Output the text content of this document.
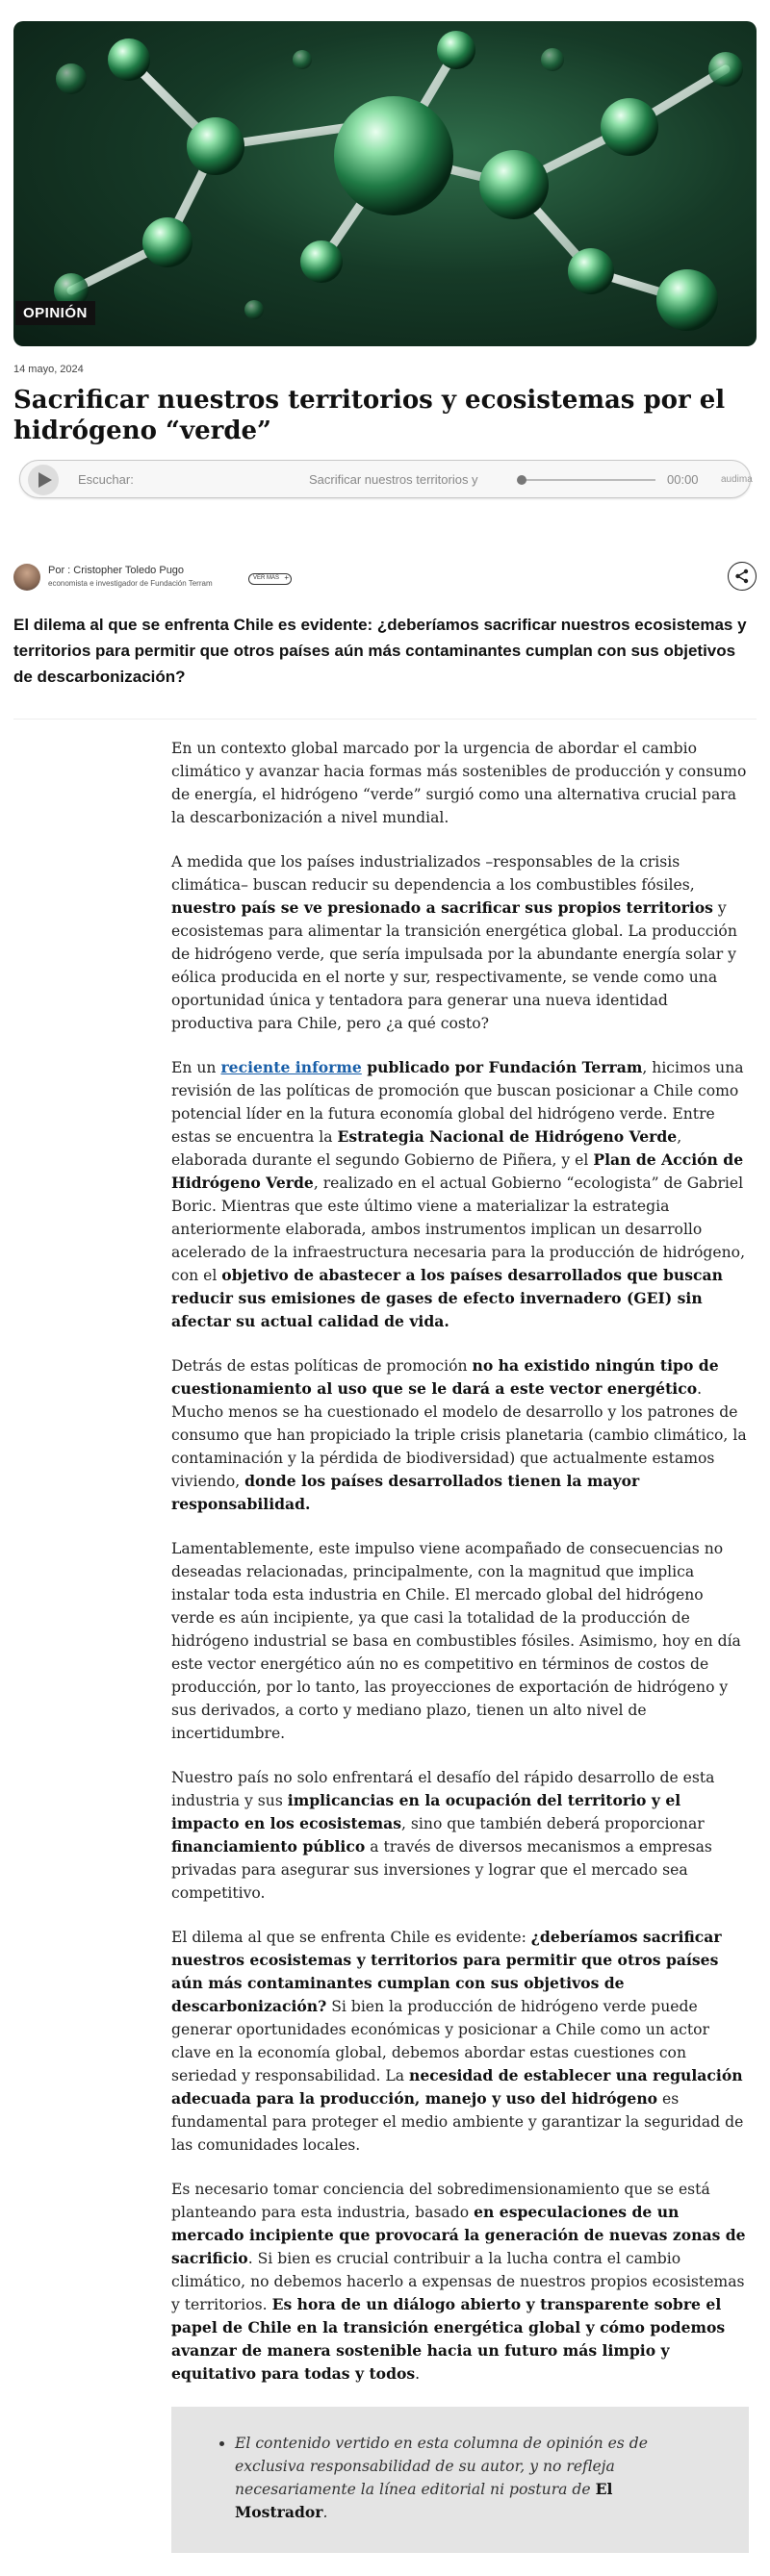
OPINIÓN
14 mayo, 2024
Sacrificar nuestros territorios y ecosistemas por el hidrógeno “verde”
Escuchar:	Sacrificar nuestros territorios y	00:00 audima
Por : Cristopher Toledo Pugo
economista e investigador de Fundación Terram
VER MÁS +

El dilema al que se enfrenta Chile es evidente: ¿deberíamos sacrificar nuestros ecosistemas y territorios para permitir que otros países aún más contaminantes cumplan con sus objetivos de descarbonización?

En un contexto global marcado por la urgencia de abordar el cambio climático y avanzar hacia formas más sostenibles de producción y consumo de energía, el hidrógeno “verde” surgió como una alternativa crucial para la descarbonización a nivel mundial.

A medida que los países industrializados –responsables de la crisis climática– buscan reducir su dependencia a los combustibles fósiles, nuestro país se ve presionado a sacrificar sus propios territorios y ecosistemas para alimentar la transición energética global. La producción de hidrógeno verde, que sería impulsada por la abundante energía solar y eólica producida en el norte y sur, respectivamente, se vende como una oportunidad única y tentadora para generar una nueva identidad productiva para Chile, pero ¿a qué costo?

En un reciente informe publicado por Fundación Terram, hicimos una revisión de las políticas de promoción que buscan posicionar a Chile como potencial líder en la futura economía global del hidrógeno verde. Entre estas se encuentra la Estrategia Nacional de Hidrógeno Verde, elaborada durante el segundo Gobierno de Piñera, y el Plan de Acción de Hidrógeno Verde, realizado en el actual Gobierno “ecologista” de Gabriel Boric. Mientras que este último viene a materializar la estrategia anteriormente elaborada, ambos instrumentos implican un desarrollo acelerado de la infraestructura necesaria para la producción de hidrógeno, con el objetivo de abastecer a los países desarrollados que buscan reducir sus emisiones de gases de efecto invernadero (GEI) sin afectar su actual calidad de vida.

Detrás de estas políticas de promoción no ha existido ningún tipo de cuestionamiento al uso que se le dará a este vector energético. Mucho menos se ha cuestionado el modelo de desarrollo y los patrones de consumo que han propiciado la triple crisis planetaria (cambio climático, la contaminación y la pérdida de biodiversidad) que actualmente estamos viviendo, donde los países desarrollados tienen la mayor responsabilidad.

Lamentablemente, este impulso viene acompañado de consecuencias no deseadas relacionadas, principalmente, con la magnitud que implica instalar toda esta industria en Chile. El mercado global del hidrógeno verde es aún incipiente, ya que casi la totalidad de la producción de hidrógeno industrial se basa en combustibles fósiles. Asimismo, hoy en día este vector energético aún no es competitivo en términos de costos de producción, por lo tanto, las proyecciones de exportación de hidrógeno y sus derivados, a corto y mediano plazo, tienen un alto nivel de incertidumbre.

Nuestro país no solo enfrentará el desafío del rápido desarrollo de esta industria y sus implicancias en la ocupación del territorio y el impacto en los ecosistemas, sino que también deberá proporcionar financiamiento público a través de diversos mecanismos a empresas privadas para asegurar sus inversiones y lograr que el mercado sea competitivo.

El dilema al que se enfrenta Chile es evidente: ¿deberíamos sacrificar nuestros ecosistemas y territorios para permitir que otros países aún más contaminantes cumplan con sus objetivos de descarbonización? Si bien la producción de hidrógeno verde puede generar oportunidades económicas y posicionar a Chile como un actor clave en la economía global, debemos abordar estas cuestiones con seriedad y responsabilidad. La necesidad de establecer una regulación adecuada para la producción, manejo y uso del hidrógeno es fundamental para proteger el medio ambiente y garantizar la seguridad de las comunidades locales.

Es necesario tomar conciencia del sobredimensionamiento que se está planteando para esta industria, basado en especulaciones de un mercado incipiente que provocará la generación de nuevas zonas de sacrificio. Si bien es crucial contribuir a la lucha contra el cambio climático, no debemos hacerlo a expensas de nuestros propios ecosistemas y territorios. Es hora de un diálogo abierto y transparente sobre el papel de Chile en la transición energética global y cómo podemos avanzar de manera sostenible hacia un futuro más limpio y equitativo para todas y todos.

• El contenido vertido en esta columna de opinión es de exclusiva responsabilidad de su autor, y no refleja necesariamente la línea editorial ni postura de El Mostrador.
